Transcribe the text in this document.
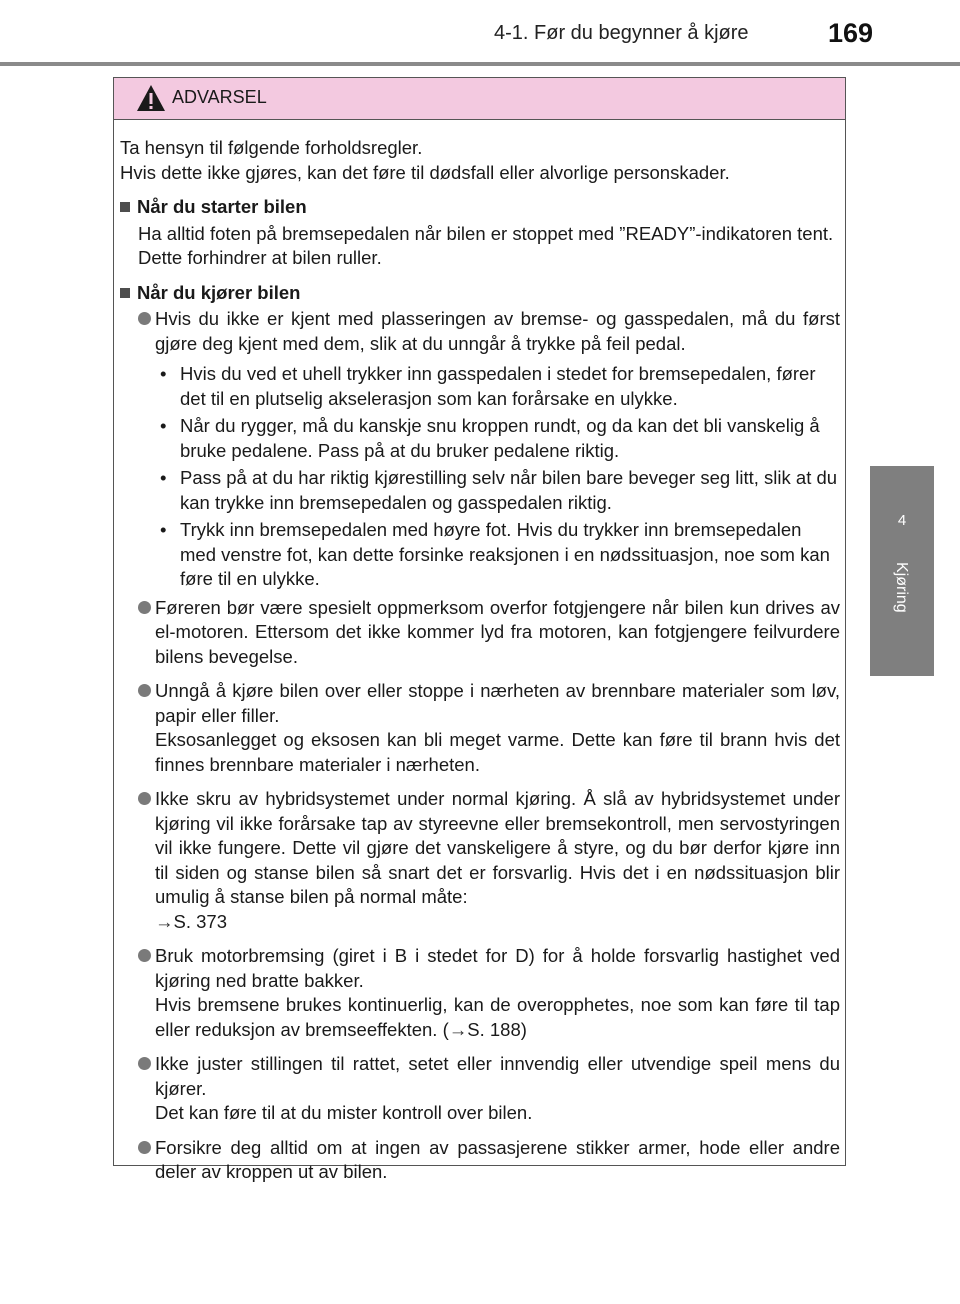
4-1. Før du begynner å kjøre	169
4
Kjøring
ADVARSEL
Ta hensyn til følgende forholdsregler.
Hvis dette ikke gjøres, kan det føre til dødsfall eller alvorlige personskader.
Når du starter bilen
Ha alltid foten på bremsepedalen når bilen er stoppet med ”READY”-indikatoren tent. Dette forhindrer at bilen ruller.
Når du kjører bilen
Hvis du ikke er kjent med plasseringen av bremse- og gasspedalen, må du først gjøre deg kjent med dem, slik at du unngår å trykke på feil pedal.
• Hvis du ved et uhell trykker inn gasspedalen i stedet for bremsepedalen, fører det til en plutselig akselerasjon som kan forårsake en ulykke.
• Når du rygger, må du kanskje snu kroppen rundt, og da kan det bli vanskelig å bruke pedalene. Pass på at du bruker pedalene riktig.
• Pass på at du har riktig kjørestilling selv når bilen bare beveger seg litt, slik at du kan trykke inn bremsepedalen og gasspedalen riktig.
• Trykk inn bremsepedalen med høyre fot. Hvis du trykker inn bremsepedalen med venstre fot, kan dette forsinke reaksjonen i en nødssituasjon, noe som kan føre til en ulykke.
Føreren bør være spesielt oppmerksom overfor fotgjengere når bilen kun drives av el-motoren. Ettersom det ikke kommer lyd fra motoren, kan fotgjengere feilvurdere bilens bevegelse.
Unngå å kjøre bilen over eller stoppe i nærheten av brennbare materialer som løv, papir eller filler.
Eksosanlegget og eksosen kan bli meget varme. Dette kan føre til brann hvis det finnes brennbare materialer i nærheten.
Ikke skru av hybridsystemet under normal kjøring. Å slå av hybridsystemet under kjøring vil ikke forårsake tap av styreevne eller bremsekontroll, men servostyringen vil ikke fungere. Dette vil gjøre det vanskeligere å styre, og du bør derfor kjøre inn til siden og stanse bilen så snart det er forsvarlig. Hvis det i en nødssituasjon blir umulig å stanse bilen på normal måte:
→S. 373
Bruk motorbremsing (giret i B i stedet for D) for å holde forsvarlig hastighet ved kjøring ned bratte bakker.
Hvis bremsene brukes kontinuerlig, kan de overopphetes, noe som kan føre til tap eller reduksjon av bremseeffekten. (→S. 188)
Ikke juster stillingen til rattet, setet eller innvendig eller utvendige speil mens du kjører.
Det kan føre til at du mister kontroll over bilen.
Forsikre deg alltid om at ingen av passasjerene stikker armer, hode eller andre deler av kroppen ut av bilen.
